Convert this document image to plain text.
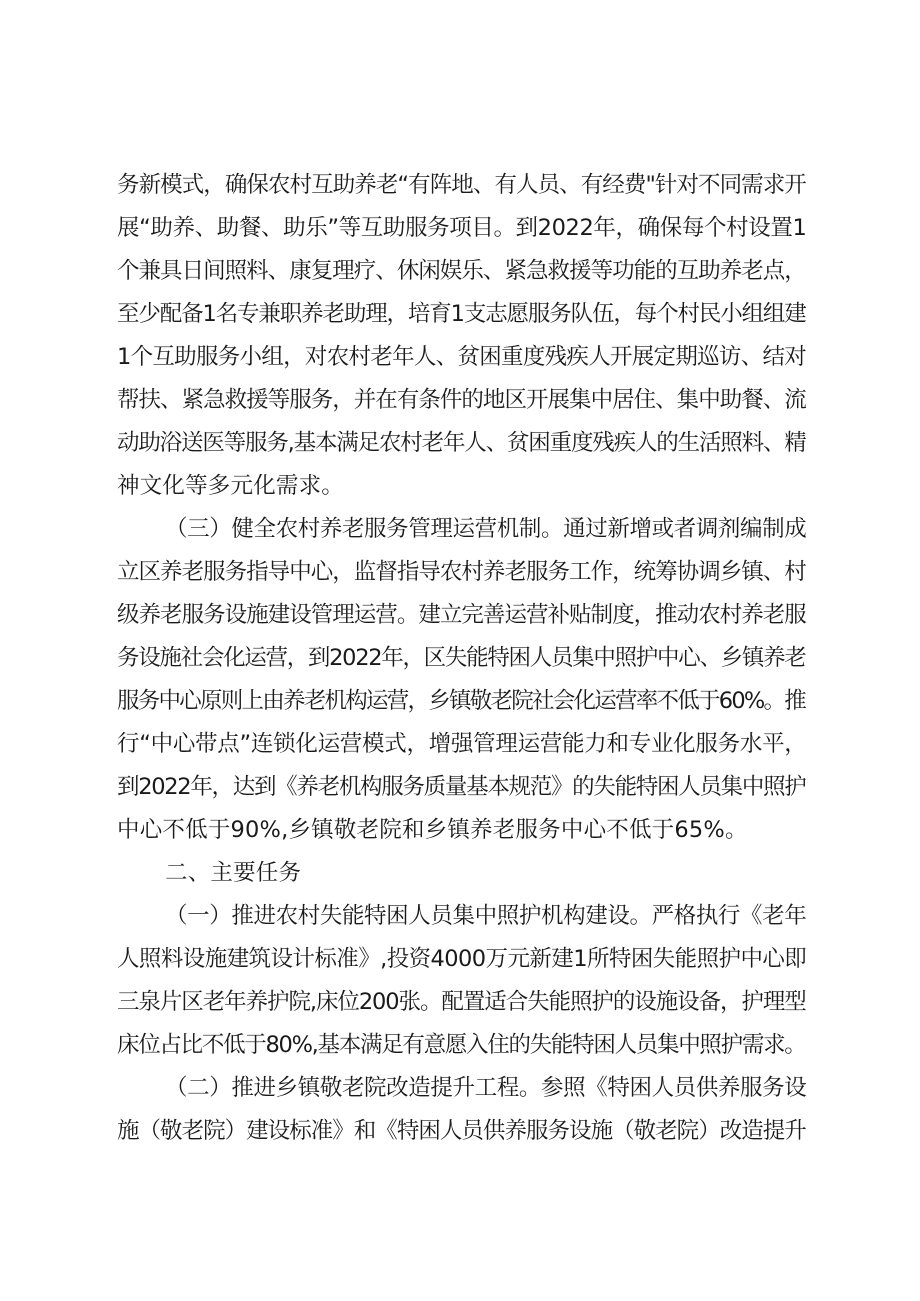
务新模式，确保农村互助养老“有阵地、有人员、有经费"针对不同需求开
展“助养、助餐、助乐”等互助服务项目。到2022年，确保每个村设置1
个兼具日间照料、康复理疗、休闲娱乐、紧急救援等功能的互助养老点，
至少配备1名专兼职养老助理，培育1支志愿服务队伍，每个村民小组组建
1个互助服务小组，对农村老年人、贫困重度残疾人开展定期巡访、结对
帮扶、紧急救援等服务，并在有条件的地区开展集中居住、集中助餐、流
动助浴送医等服务,基本满足农村老年人、贫困重度残疾人的生活照料、精
神文化等多元化需求。
（三）健全农村养老服务管理运营机制。通过新增或者调剂编制成
立区养老服务指导中心，监督指导农村养老服务工作，统筹协调乡镇、村
级养老服务设施建设管理运营。建立完善运营补贴制度，推动农村养老服
务设施社会化运营，到2022年，区失能特困人员集中照护中心、乡镇养老
服务中心原则上由养老机构运营，乡镇敬老院社会化运营率不低于60%。推
行“中心带点”连锁化运营模式，增强管理运营能力和专业化服务水平，
到2022年，达到《养老机构服务质量基本规范》的失能特困人员集中照护
中心不低于90%,乡镇敬老院和乡镇养老服务中心不低于65%。
二、主要任务
（一）推进农村失能特困人员集中照护机构建设。严格执行《老年
人照料设施建筑设计标准》,投资4000万元新建1所特困失能照护中心即
三泉片区老年养护院,床位200张。配置适合失能照护的设施设备，护理型
床位占比不低于80%,基本满足有意愿入住的失能特困人员集中照护需求。
（二）推进乡镇敬老院改造提升工程。参照《特困人员供养服务设
施（敬老院）建设标准》和《特困人员供养服务设施（敬老院）改造提升
